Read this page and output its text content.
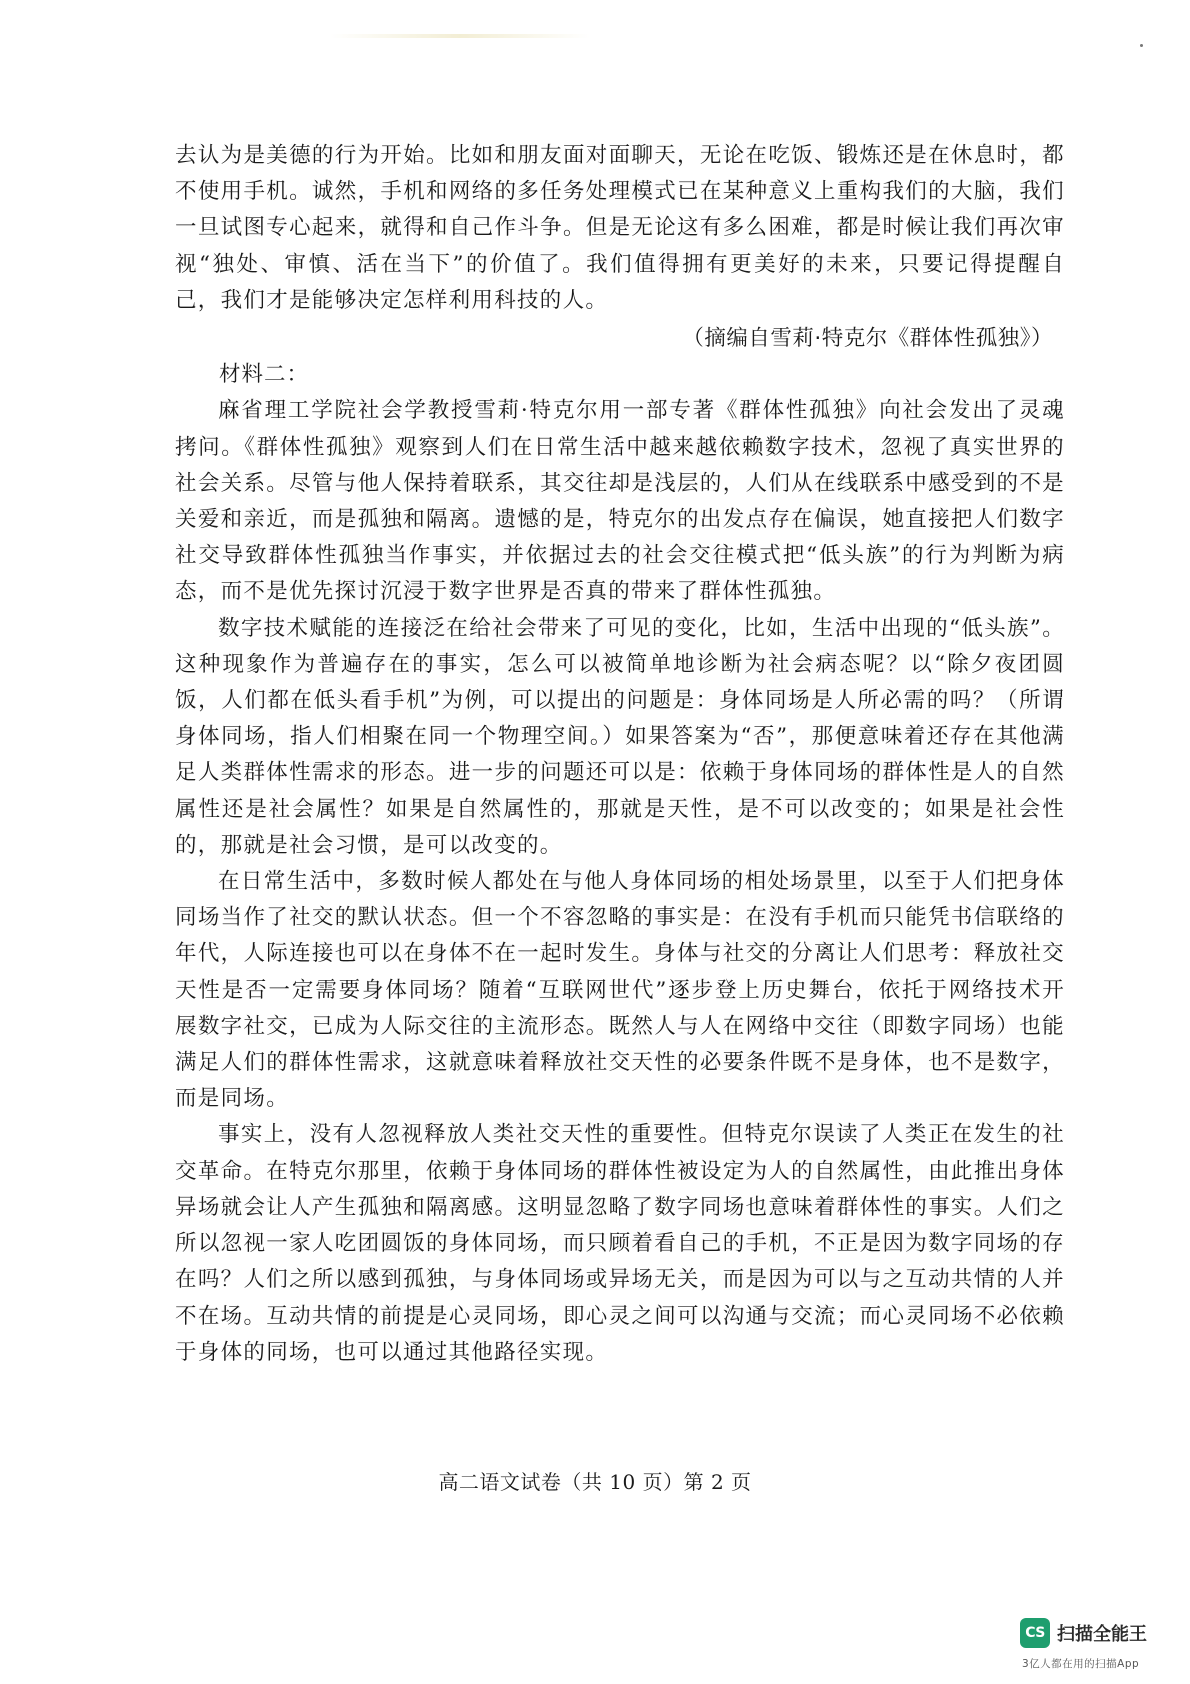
去认为是美德的行为开始。比如和朋友面对面聊天，无论在吃饭、锻炼还是在休息时，都不使用手机。诚然，手机和网络的多任务处理模式已在某种意义上重构我们的大脑，我们一旦试图专心起来，就得和自己作斗争。但是无论这有多么困难，都是时候让我们再次审视“独处、审慎、活在当下”的价值了。我们值得拥有更美好的未来，只要记得提醒自己，我们才是能够决定怎样利用科技的人。

（摘编自雪莉·特克尔《群体性孤独》）

材料二：

麻省理工学院社会学教授雪莉·特克尔用一部专著《群体性孤独》向社会发出了灵魂拷问。《群体性孤独》观察到人们在日常生活中越来越依赖数字技术，忽视了真实世界的社会关系。尽管与他人保持着联系，其交往却是浅层的，人们从在线联系中感受到的不是关爱和亲近，而是孤独和隔离。遗憾的是，特克尔的出发点存在偏误，她直接把人们数字社交导致群体性孤独当作事实，并依据过去的社会交往模式把“低头族”的行为判断为病态，而不是优先探讨沉浸于数字世界是否真的带来了群体性孤独。

数字技术赋能的连接泛在给社会带来了可见的变化，比如，生活中出现的“低头族”。这种现象作为普遍存在的事实，怎么可以被简单地诊断为社会病态呢？以“除夕夜团圆饭，人们都在低头看手机”为例，可以提出的问题是：身体同场是人所必需的吗？（所谓身体同场，指人们相聚在同一个物理空间。）如果答案为“否”，那便意味着还存在其他满足人类群体性需求的形态。进一步的问题还可以是：依赖于身体同场的群体性是人的自然属性还是社会属性？如果是自然属性的，那就是天性，是不可以改变的；如果是社会性的，那就是社会习惯，是可以改变的。

在日常生活中，多数时候人都处在与他人身体同场的相处场景里，以至于人们把身体同场当作了社交的默认状态。但一个不容忽略的事实是：在没有手机而只能凭书信联络的年代，人际连接也可以在身体不在一起时发生。身体与社交的分离让人们思考：释放社交天性是否一定需要身体同场？随着“互联网世代”逐步登上历史舞台，依托于网络技术开展数字社交，已成为人际交往的主流形态。既然人与人在网络中交往（即数字同场）也能满足人们的群体性需求，这就意味着释放社交天性的必要条件既不是身体，也不是数字，而是同场。

事实上，没有人忽视释放人类社交天性的重要性。但特克尔误读了人类正在发生的社交革命。在特克尔那里，依赖于身体同场的群体性被设定为人的自然属性，由此推出身体异场就会让人产生孤独和隔离感。这明显忽略了数字同场也意味着群体性的事实。人们之所以忽视一家人吃团圆饭的身体同场，而只顾着看自己的手机，不正是因为数字同场的存在吗？人们之所以感到孤独，与身体同场或异场无关，而是因为可以与之互动共情的人并不在场。互动共情的前提是心灵同场，即心灵之间可以沟通与交流；而心灵同场不必依赖于身体的同场，也可以通过其他路径实现。

高二语文试卷（共 10 页）第 2 页
CS 扫描全能王
3亿人都在用的扫描App
